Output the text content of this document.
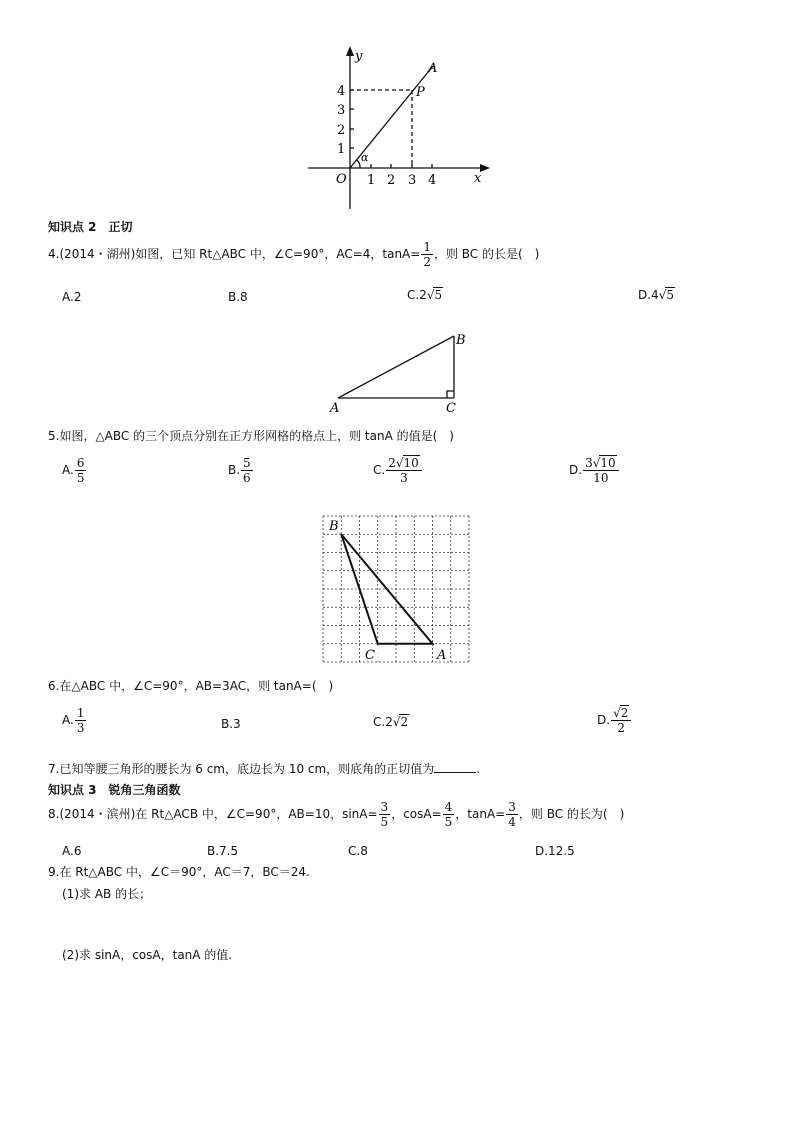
y
x
O
A
P
α
4
3
2
1
1 2 3 4
知识点 2　正切
4.(2014・湖州)如图，已知 Rt△ABC 中，∠C=90°，AC=4，$\tan A= \frac{1}{2}$ ，则 BC 的长是(　)
A.2	B.8	C.2√5	D.4√5
A
B
C
5.如图，△ABC 的三个顶点分别在正方形网格的格点上，则 tanA 的值是(　)
A. $\frac{6}{5}$	B. $\frac{5}{6}$	C. $\frac{2√10}{3}$	D. $\frac{3√10}{10}$
B
C	A
6.在△ABC 中，∠C=90°，AB=3AC，则 tanA=(　)
A. $\frac{1}{3}$	B.3	C.2√2	D. $\frac{√2}{2}$
7.已知等腰三角形的腰长为 6 cm，底边长为 10 cm，则底角的正切值为	.
知识点 3　锐角三角函数
8.(2014・滨州)在 Rt△ACB 中，∠C=90°，AB=10，$\sin A= \frac{3}{5}$ ，$\cos A= \frac{4}{5}$ ，$\tan A= \frac{3}{4}$ ，则 BC 的长为(　)
A.6	B.7.5	C.8	D.12.5
9.在 Rt△ABC 中，∠C＝90°，AC＝7，BC＝24.
(1)求 AB 的长；
(2)求 sinA，cosA，tanA 的值.
